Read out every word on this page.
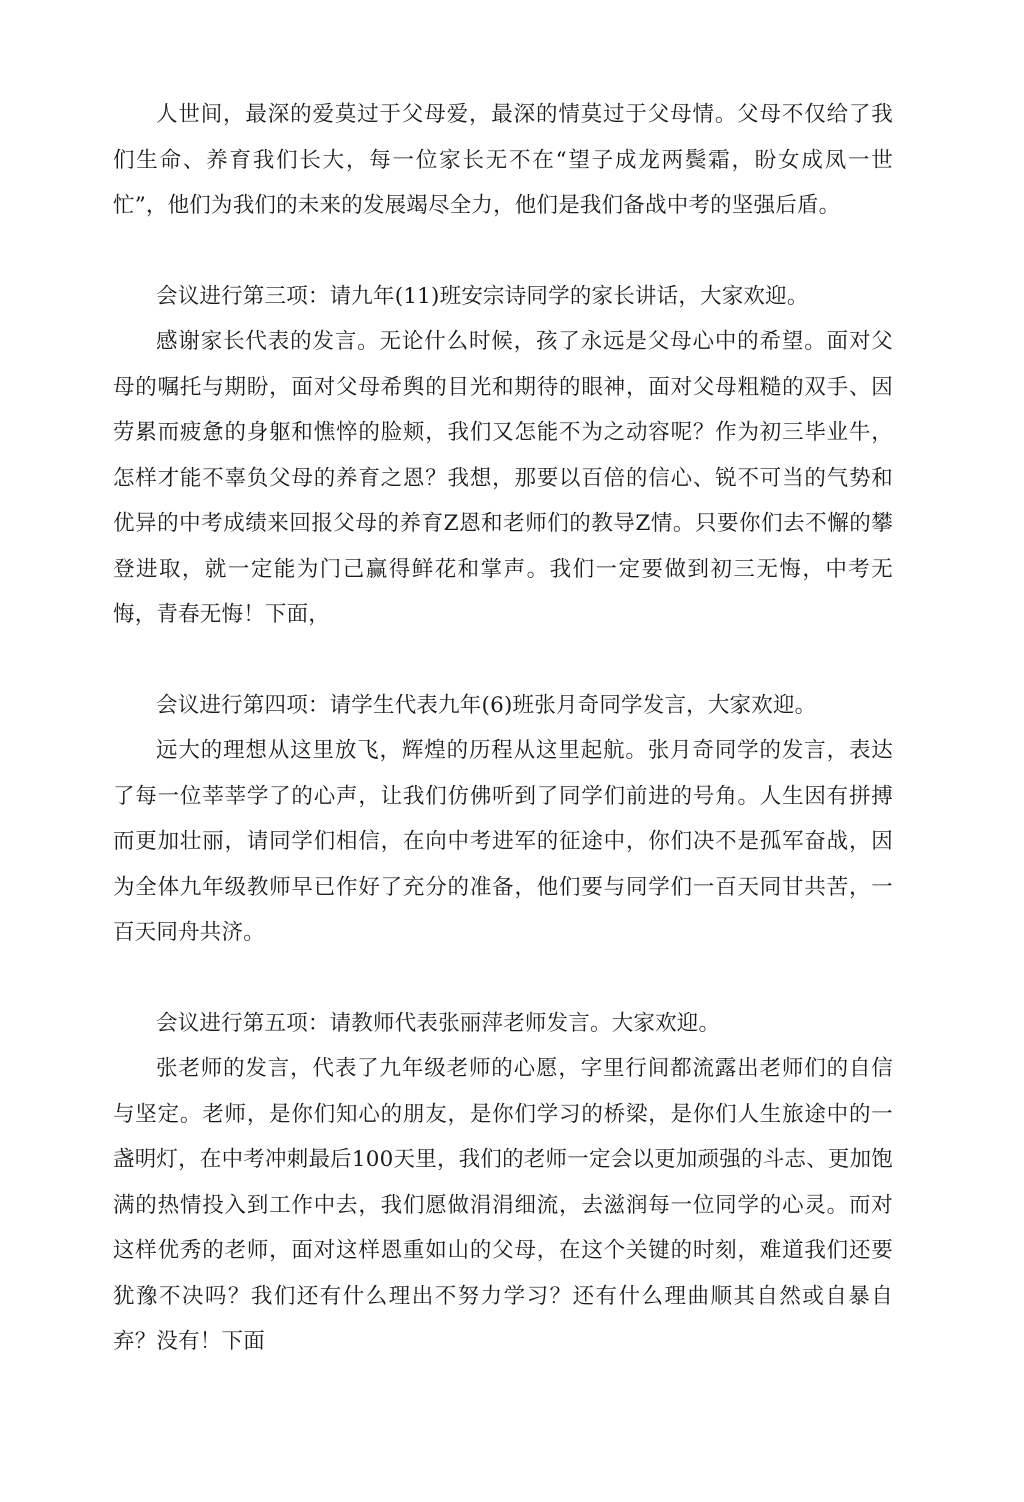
人世间，最深的爱莫过于父母爱，最深的情莫过于父母情。父母不仅给了我们生命、养育我们长大，每一位家长无不在“望子成龙两鬓霜，盼女成凤一世忙”，他们为我们的未来的发展竭尽全力，他们是我们备战中考的坚强后盾。

会议进行第三项：请九年(11)班安宗诗同学的家长讲话，大家欢迎。

感谢家长代表的发言。无论什么时候，孩了永远是父母心中的希望。面对父母的嘱托与期盼，面对父母希舆的目光和期待的眼神，面对父母粗糙的双手、因劳累而疲惫的身躯和憔悴的脸颊，我们又怎能不为之动容呢？作为初三毕业牛，怎样才能不辜负父母的养育之恩？我想，那要以百倍的信心、锐不可当的气势和优异的中考成绩来回报父母的养育Z恩和老师们的教导Z情。只要你们去不懈的攀登进取，就一定能为门己赢得鲜花和掌声。我们一定要做到初三无悔，中考无悔，青春无悔！下面，

会议进行第四项：请学生代表九年(6)班张月奇同学发言，大家欢迎。

远大的理想从这里放飞，辉煌的历程从这里起航。张月奇同学的发言，表达了每一位莘莘学了的心声，让我们仿佛听到了同学们前进的号角。人生因有拼搏而更加壮丽，请同学们相信，在向中考进军的征途中，你们决不是孤军奋战，因为全体九年级教师早已作好了充分的准备，他们要与同学们一百天同甘共苦，一百天同舟共济。

会议进行第五项：请教师代表张丽萍老师发言。大家欢迎。

张老师的发言，代表了九年级老师的心愿，字里行间都流露出老师们的自信与坚定。老师，是你们知心的朋友，是你们学习的桥梁，是你们人生旅途中的一盏明灯，在中考冲刺最后100天里，我们的老师一定会以更加顽强的斗志、更加饱满的热情投入到工作中去，我们愿做涓涓细流，去滋润每一位同学的心灵。而对这样优秀的老师，面对这样恩重如山的父母，在这个关键的时刻，难道我们还要犹豫不决吗？我们还有什么理出不努力学习？还有什么理曲顺其自然或自暴自弃？没有！下面
